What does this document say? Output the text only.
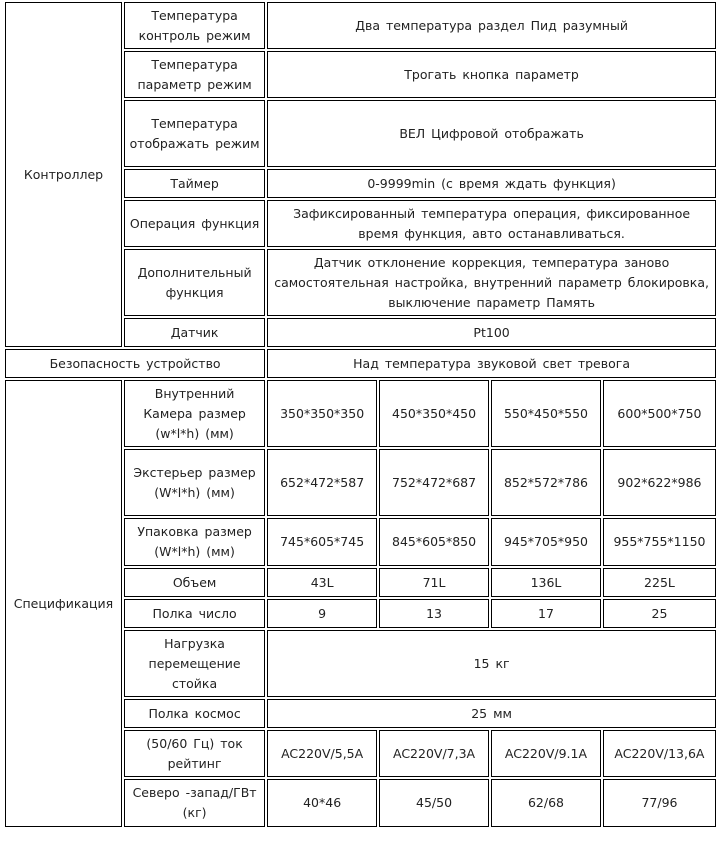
Контроллер	Температура контроль режим	Два температура раздел Пид разумный			
	Температура параметр режим	Трогать кнопка параметр			
	Температура отображать режим	ВЕЛ Цифровой отображать			
	Таймер	0-9999min (с время ждать функция)			
	Операция функция	Зафиксированный температура операция, фиксированное время функция, авто останавливаться.			
	Дополнительный функция	Датчик отклонение коррекция, температура заново самостоятельная настройка, внутренний параметр блокировка, выключение параметр Память			
	Датчик	Pt100			
Безопасность устройство		Над температура звуковой свет тревога			
Спецификация	Внутренний Камера размер (w*l*h) (мм)	350*350*350	450*350*450	550*450*550	600*500*750
	Экстерьер размер (W*l*h) (мм)	652*472*587	752*472*687	852*572*786	902*622*986
	Упаковка размер (W*l*h) (мм)	745*605*745	845*605*850	945*705*950	955*755*1150
	Объем	43L	71L	136L	225L
	Полка число	9	13	17	25
	Нагрузка перемещение стойка	15 кг			
	Полка космос	25 мм			
	(50/60 Гц) ток рейтинг	AC220V/5,5A	AC220V/7,3A	AC220V/9.1A	AC220V/13,6A
	Северо -запад/ГВт (кг)	40*46	45/50	62/68	77/96
